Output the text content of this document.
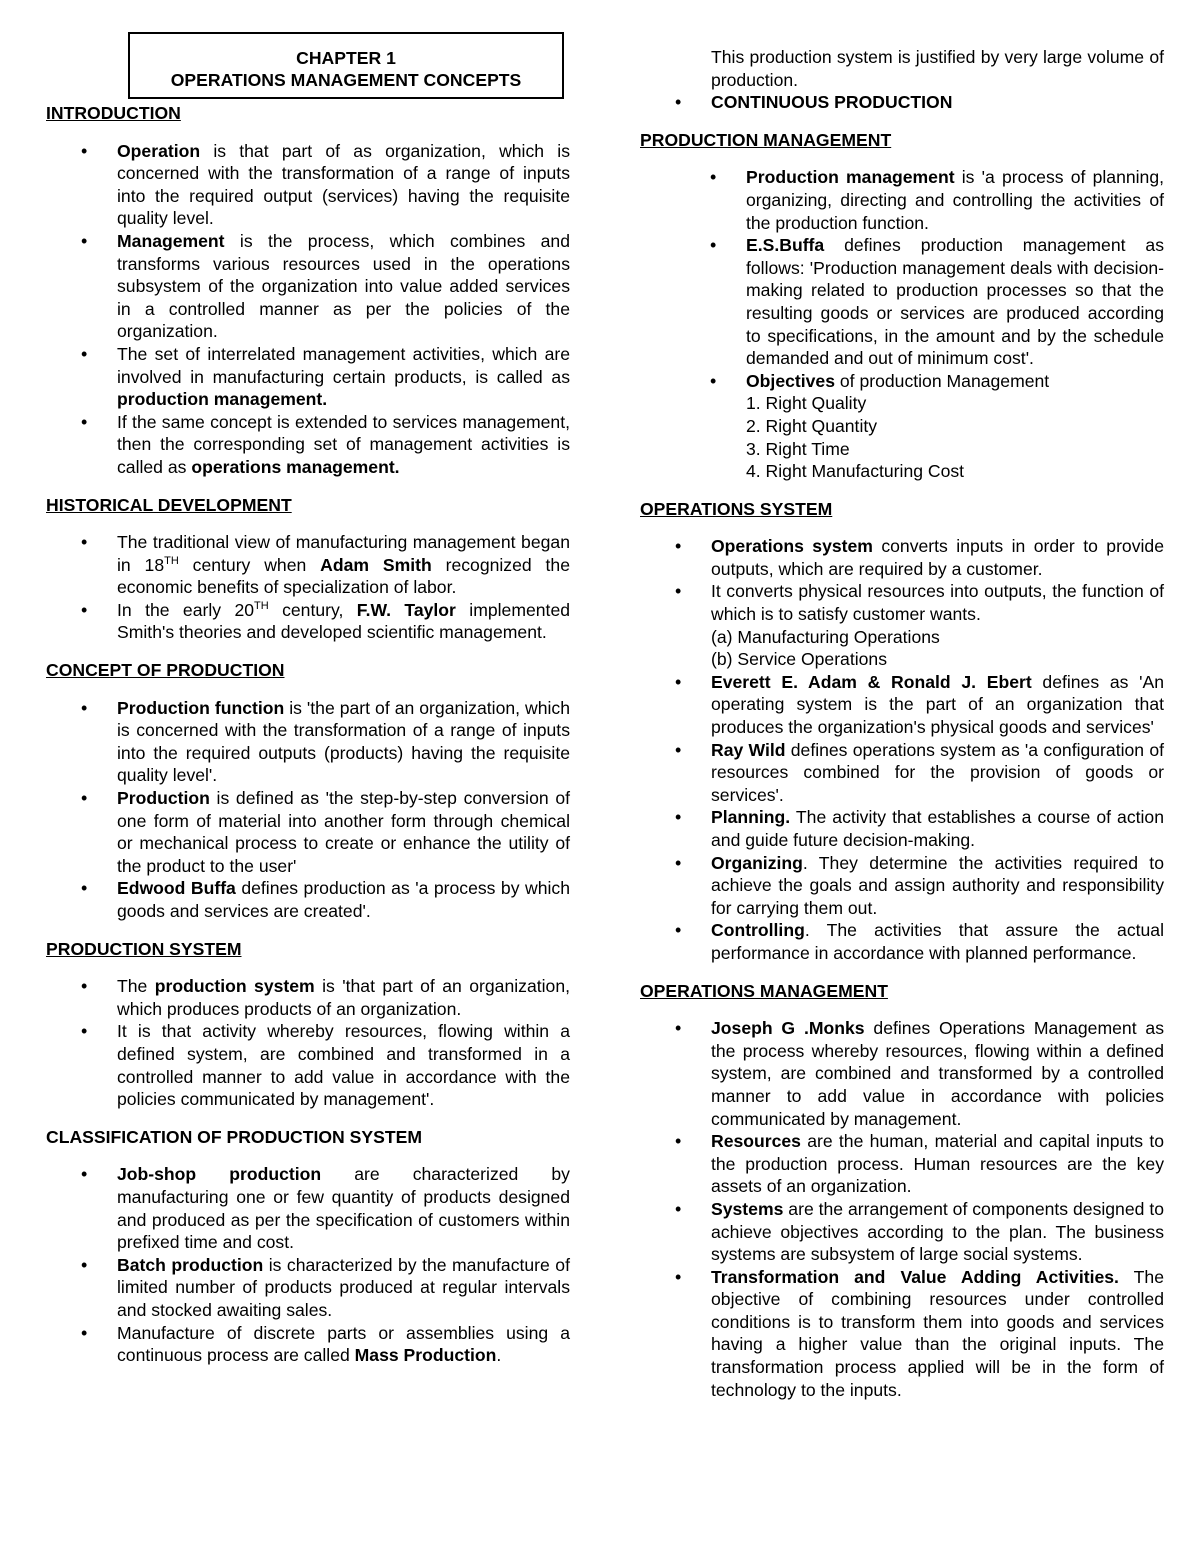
CHAPTER 1
OPERATIONS MANAGEMENT CONCEPTS
INTRODUCTION
• Operation is that part of as organization, which is concerned with the transformation of a range of inputs into the required output (services) having the requisite quality level.
• Management is the process, which combines and transforms various resources used in the operations subsystem of the organization into value added services in a controlled manner as per the policies of the organization.
• The set of interrelated management activities, which are involved in manufacturing certain products, is called as production management.
• If the same concept is extended to services management, then the corresponding set of management activities is called as operations management.
HISTORICAL DEVELOPMENT
• The traditional view of manufacturing management began in 18TH century when Adam Smith recognized the economic benefits of specialization of labor.
• In the early 20TH century, F.W. Taylor implemented Smith's theories and developed scientific management.
CONCEPT OF PRODUCTION
• Production function is 'the part of an organization, which is concerned with the transformation of a range of inputs into the required outputs (products) having the requisite quality level'.
• Production is defined as 'the step-by-step conversion of one form of material into another form through chemical or mechanical process to create or enhance the utility of the product to the user'
• Edwood Buffa defines production as 'a process by which goods and services are created'.
PRODUCTION SYSTEM
• The production system is 'that part of an organization, which produces products of an organization.
• It is that activity whereby resources, flowing within a defined system, are combined and transformed in a controlled manner to add value in accordance with the policies communicated by management'.
CLASSIFICATION OF PRODUCTION SYSTEM
• Job-shop production are characterized by manufacturing one or few quantity of products designed and produced as per the specification of customers within prefixed time and cost.
• Batch production is characterized by the manufacture of limited number of products produced at regular intervals and stocked awaiting sales.
• Manufacture of discrete parts or assemblies using a continuous process are called Mass Production.

This production system is justified by very large volume of production.

• CONTINUOUS PRODUCTION
PRODUCTION MANAGEMENT
• Production management is 'a process of planning, organizing, directing and controlling the activities of the production function.
• E.S.Buffa defines production management as follows: 'Production management deals with decision-making related to production processes so that the resulting goods or services are produced according to specifications, in the amount and by the schedule demanded and out of minimum cost'.
• Objectives of production Management
1. Right Quality
2. Right Quantity
3. Right Time
4. Right Manufacturing Cost
OPERATIONS SYSTEM
• Operations system converts inputs in order to provide outputs, which are required by a customer.
• It converts physical resources into outputs, the function of which is to satisfy customer wants.
(a) Manufacturing Operations
(b) Service Operations
• Everett E. Adam & Ronald J. Ebert defines as 'An operating system is the part of an organization that produces the organization's physical goods and services'
• Ray Wild defines operations system as 'a configuration of resources combined for the provision of goods or services'.
• Planning. The activity that establishes a course of action and guide future decision-making.
• Organizing. They determine the activities required to achieve the goals and assign authority and responsibility for carrying them out.
• Controlling. The activities that assure the actual performance in accordance with planned performance.
OPERATIONS MANAGEMENT
• Joseph G .Monks defines Operations Management as the process whereby resources, flowing within a defined system, are combined and transformed by a controlled manner to add value in accordance with policies communicated by management.
• Resources are the human, material and capital inputs to the production process. Human resources are the key assets of an organization.
• Systems are the arrangement of components designed to achieve objectives according to the plan. The business systems are subsystem of large social systems.
• Transformation and Value Adding Activities. The objective of combining resources under controlled conditions is to transform them into goods and services having a higher value than the original inputs. The transformation process applied will be in the form of technology to the inputs.
